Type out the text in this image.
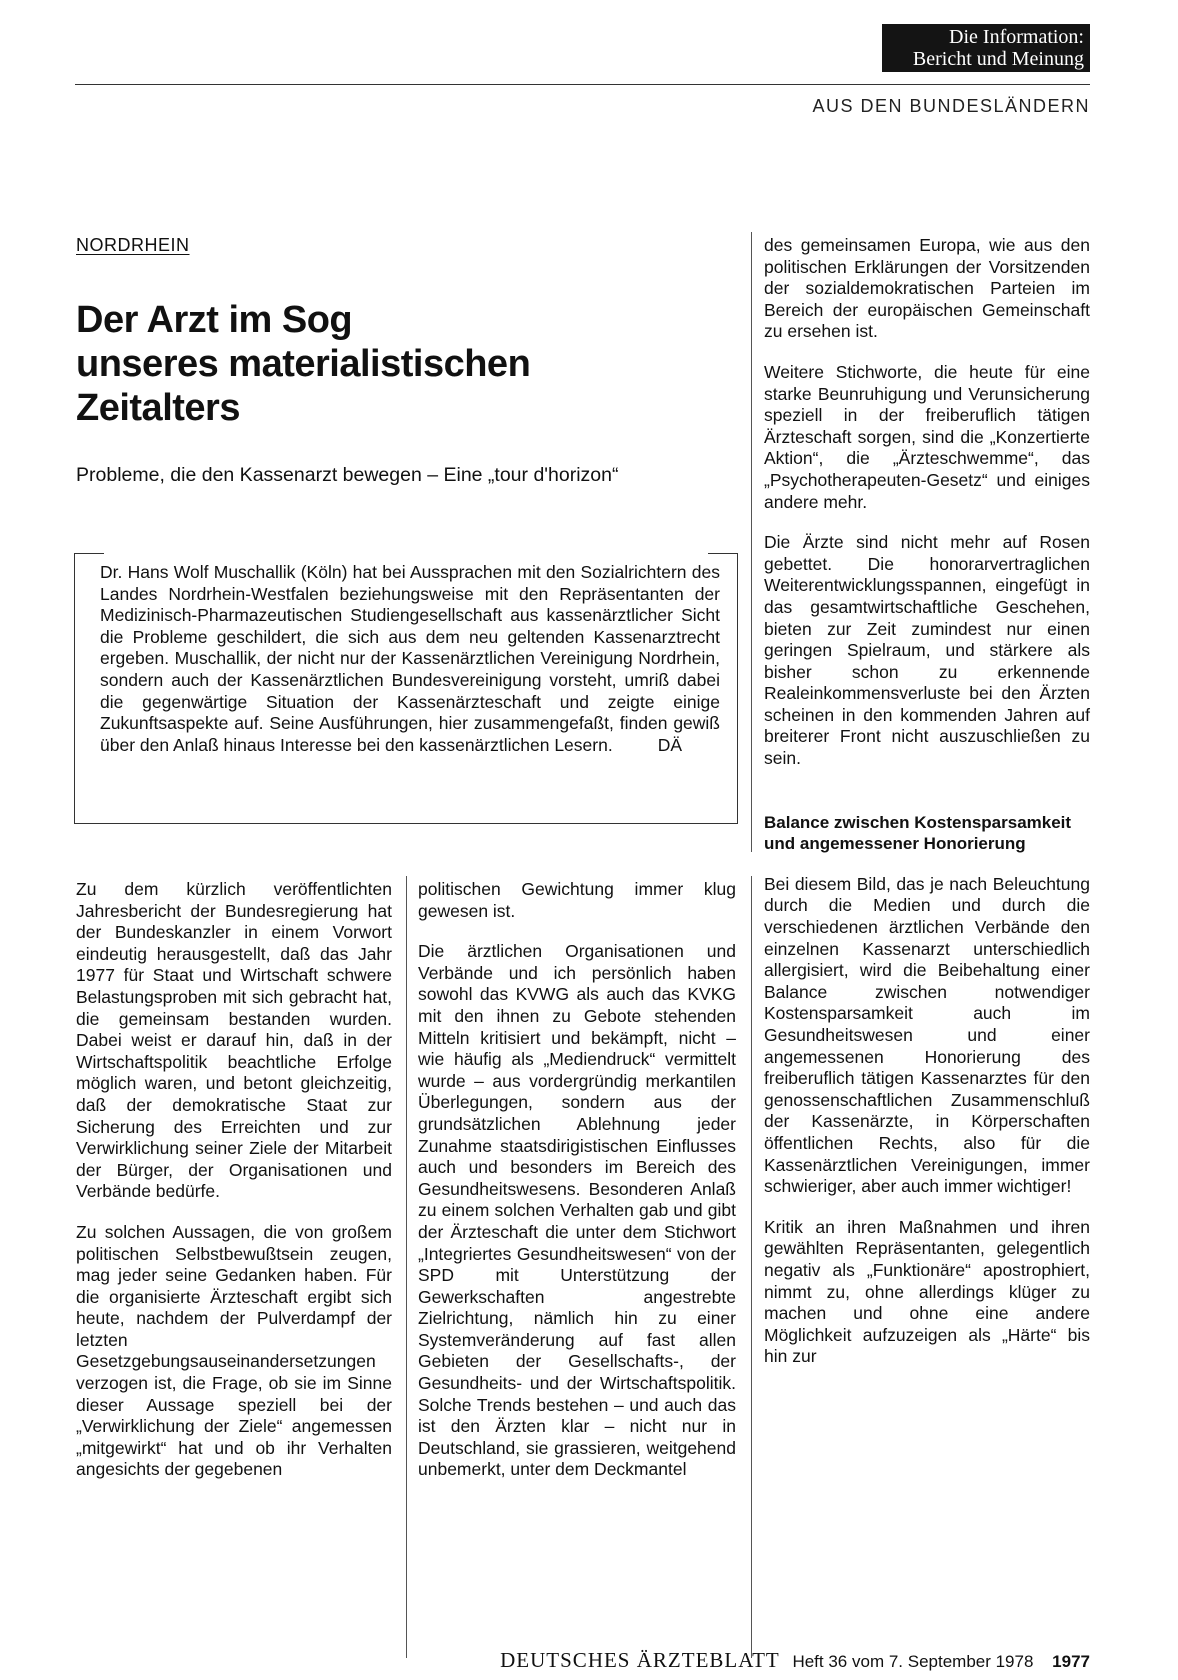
Die Information:
Bericht und Meinung
AUS DEN BUNDESLÄNDERN
NORDRHEIN
Der Arzt im Sog
unseres materialistischen
Zeitalters
Probleme, die den Kassenarzt bewegen – Eine „tour d'horizon“
Dr. Hans Wolf Muschallik (Köln) hat bei Aussprachen mit den Sozialrichtern des Landes Nordrhein-Westfalen beziehungsweise mit den Repräsentanten der Medizinisch-Pharmazeutischen Studiengesellschaft aus kassenärztlicher Sicht die Probleme geschildert, die sich aus dem neu geltenden Kassenarztrecht ergeben. Muschallik, der nicht nur der Kassenärztlichen Vereinigung Nordrhein, sondern auch der Kassenärztlichen Bundesvereinigung vorsteht, umriß dabei die gegenwärtige Situation der Kassenärzteschaft und zeigte einige Zukunftsaspekte auf. Seine Ausführungen, hier zusammengefaßt, finden gewiß über den Anlaß hinaus Interesse bei den kassenärztlichen Lesern.	DÄ

Zu dem kürzlich veröffentlichten Jahresbericht der Bundesregierung hat der Bundeskanzler in einem Vorwort eindeutig herausgestellt, daß das Jahr 1977 für Staat und Wirtschaft schwere Belastungsproben mit sich gebracht hat, die gemeinsam bestanden wurden. Dabei weist er darauf hin, daß in der Wirtschaftspolitik beachtliche Erfolge möglich waren, und betont gleichzeitig, daß der demokratische Staat zur Sicherung des Erreichten und zur Verwirklichung seiner Ziele der Mitarbeit der Bürger, der Organisationen und Verbände bedürfe.

Zu solchen Aussagen, die von großem politischen Selbstbewußtsein zeugen, mag jeder seine Gedanken haben. Für die organisierte Ärzteschaft ergibt sich heute, nachdem der Pulverdampf der letzten Gesetzgebungsauseinandersetzungen verzogen ist, die Frage, ob sie im Sinne dieser Aussage speziell bei der „Verwirklichung der Ziele“ angemessen „mitgewirkt“ hat und ob ihr Verhalten angesichts der gegebenen

politischen Gewichtung immer klug gewesen ist.

Die ärztlichen Organisationen und Verbände und ich persönlich haben sowohl das KVWG als auch das KVKG mit den ihnen zu Gebote stehenden Mitteln kritisiert und bekämpft, nicht – wie häufig als „Mediendruck“ vermittelt wurde – aus vordergründig merkantilen Überlegungen, sondern aus der grundsätzlichen Ablehnung jeder Zunahme staatsdirigistischen Einflusses auch und besonders im Bereich des Gesundheitswesens. Besonderen Anlaß zu einem solchen Verhalten gab und gibt der Ärzteschaft die unter dem Stichwort „Integriertes Gesundheitswesen“ von der SPD mit Unterstützung der Gewerkschaften angestrebte Zielrichtung, nämlich hin zu einer Systemveränderung auf fast allen Gebieten der Gesellschafts-, der Gesundheits- und der Wirtschaftspolitik. Solche Trends bestehen – und auch das ist den Ärzten klar – nicht nur in Deutschland, sie grassieren, weitgehend unbemerkt, unter dem Deckmantel

des gemeinsamen Europa, wie aus den politischen Erklärungen der Vorsitzenden der sozialdemokratischen Parteien im Bereich der europäischen Gemeinschaft zu ersehen ist.

Weitere Stichworte, die heute für eine starke Beunruhigung und Verunsicherung speziell in der freiberuflich tätigen Ärzteschaft sorgen, sind die „Konzertierte Aktion“, die „Ärzteschwemme“, das „Psychotherapeuten-Gesetz“ und einiges andere mehr.

Die Ärzte sind nicht mehr auf Rosen gebettet. Die honorarvertraglichen Weiterentwicklungsspannen, eingefügt in das gesamtwirtschaftliche Geschehen, bieten zur Zeit zumindest nur einen geringen Spielraum, und stärkere als bisher schon zu erkennende Realeinkommensverluste bei den Ärzten scheinen in den kommenden Jahren auf breiterer Front nicht auszuschließen zu sein.

Balance zwischen Kostensparsamkeit und angemessener Honorierung

Bei diesem Bild, das je nach Beleuchtung durch die Medien und durch die verschiedenen ärztlichen Verbände den einzelnen Kassenarzt unterschiedlich allergisiert, wird die Beibehaltung einer Balance zwischen notwendiger Kostensparsamkeit auch im Gesundheitswesen und einer angemessenen Honorierung des freiberuflich tätigen Kassenarztes für den genossenschaftlichen Zusammenschluß der Kassenärzte, in Körperschaften öffentlichen Rechts, also für die Kassenärztlichen Vereinigungen, immer schwieriger, aber auch immer wichtiger!

Kritik an ihren Maßnahmen und ihren gewählten Repräsentanten, gelegentlich negativ als „Funktionäre“ apostrophiert, nimmt zu, ohne allerdings klüger zu machen und ohne eine andere Möglichkeit aufzuzeigen als „Härte“ bis hin zur

DEUTSCHES ÄRZTEBLATT Heft 36 vom 7. September 1978 1977
